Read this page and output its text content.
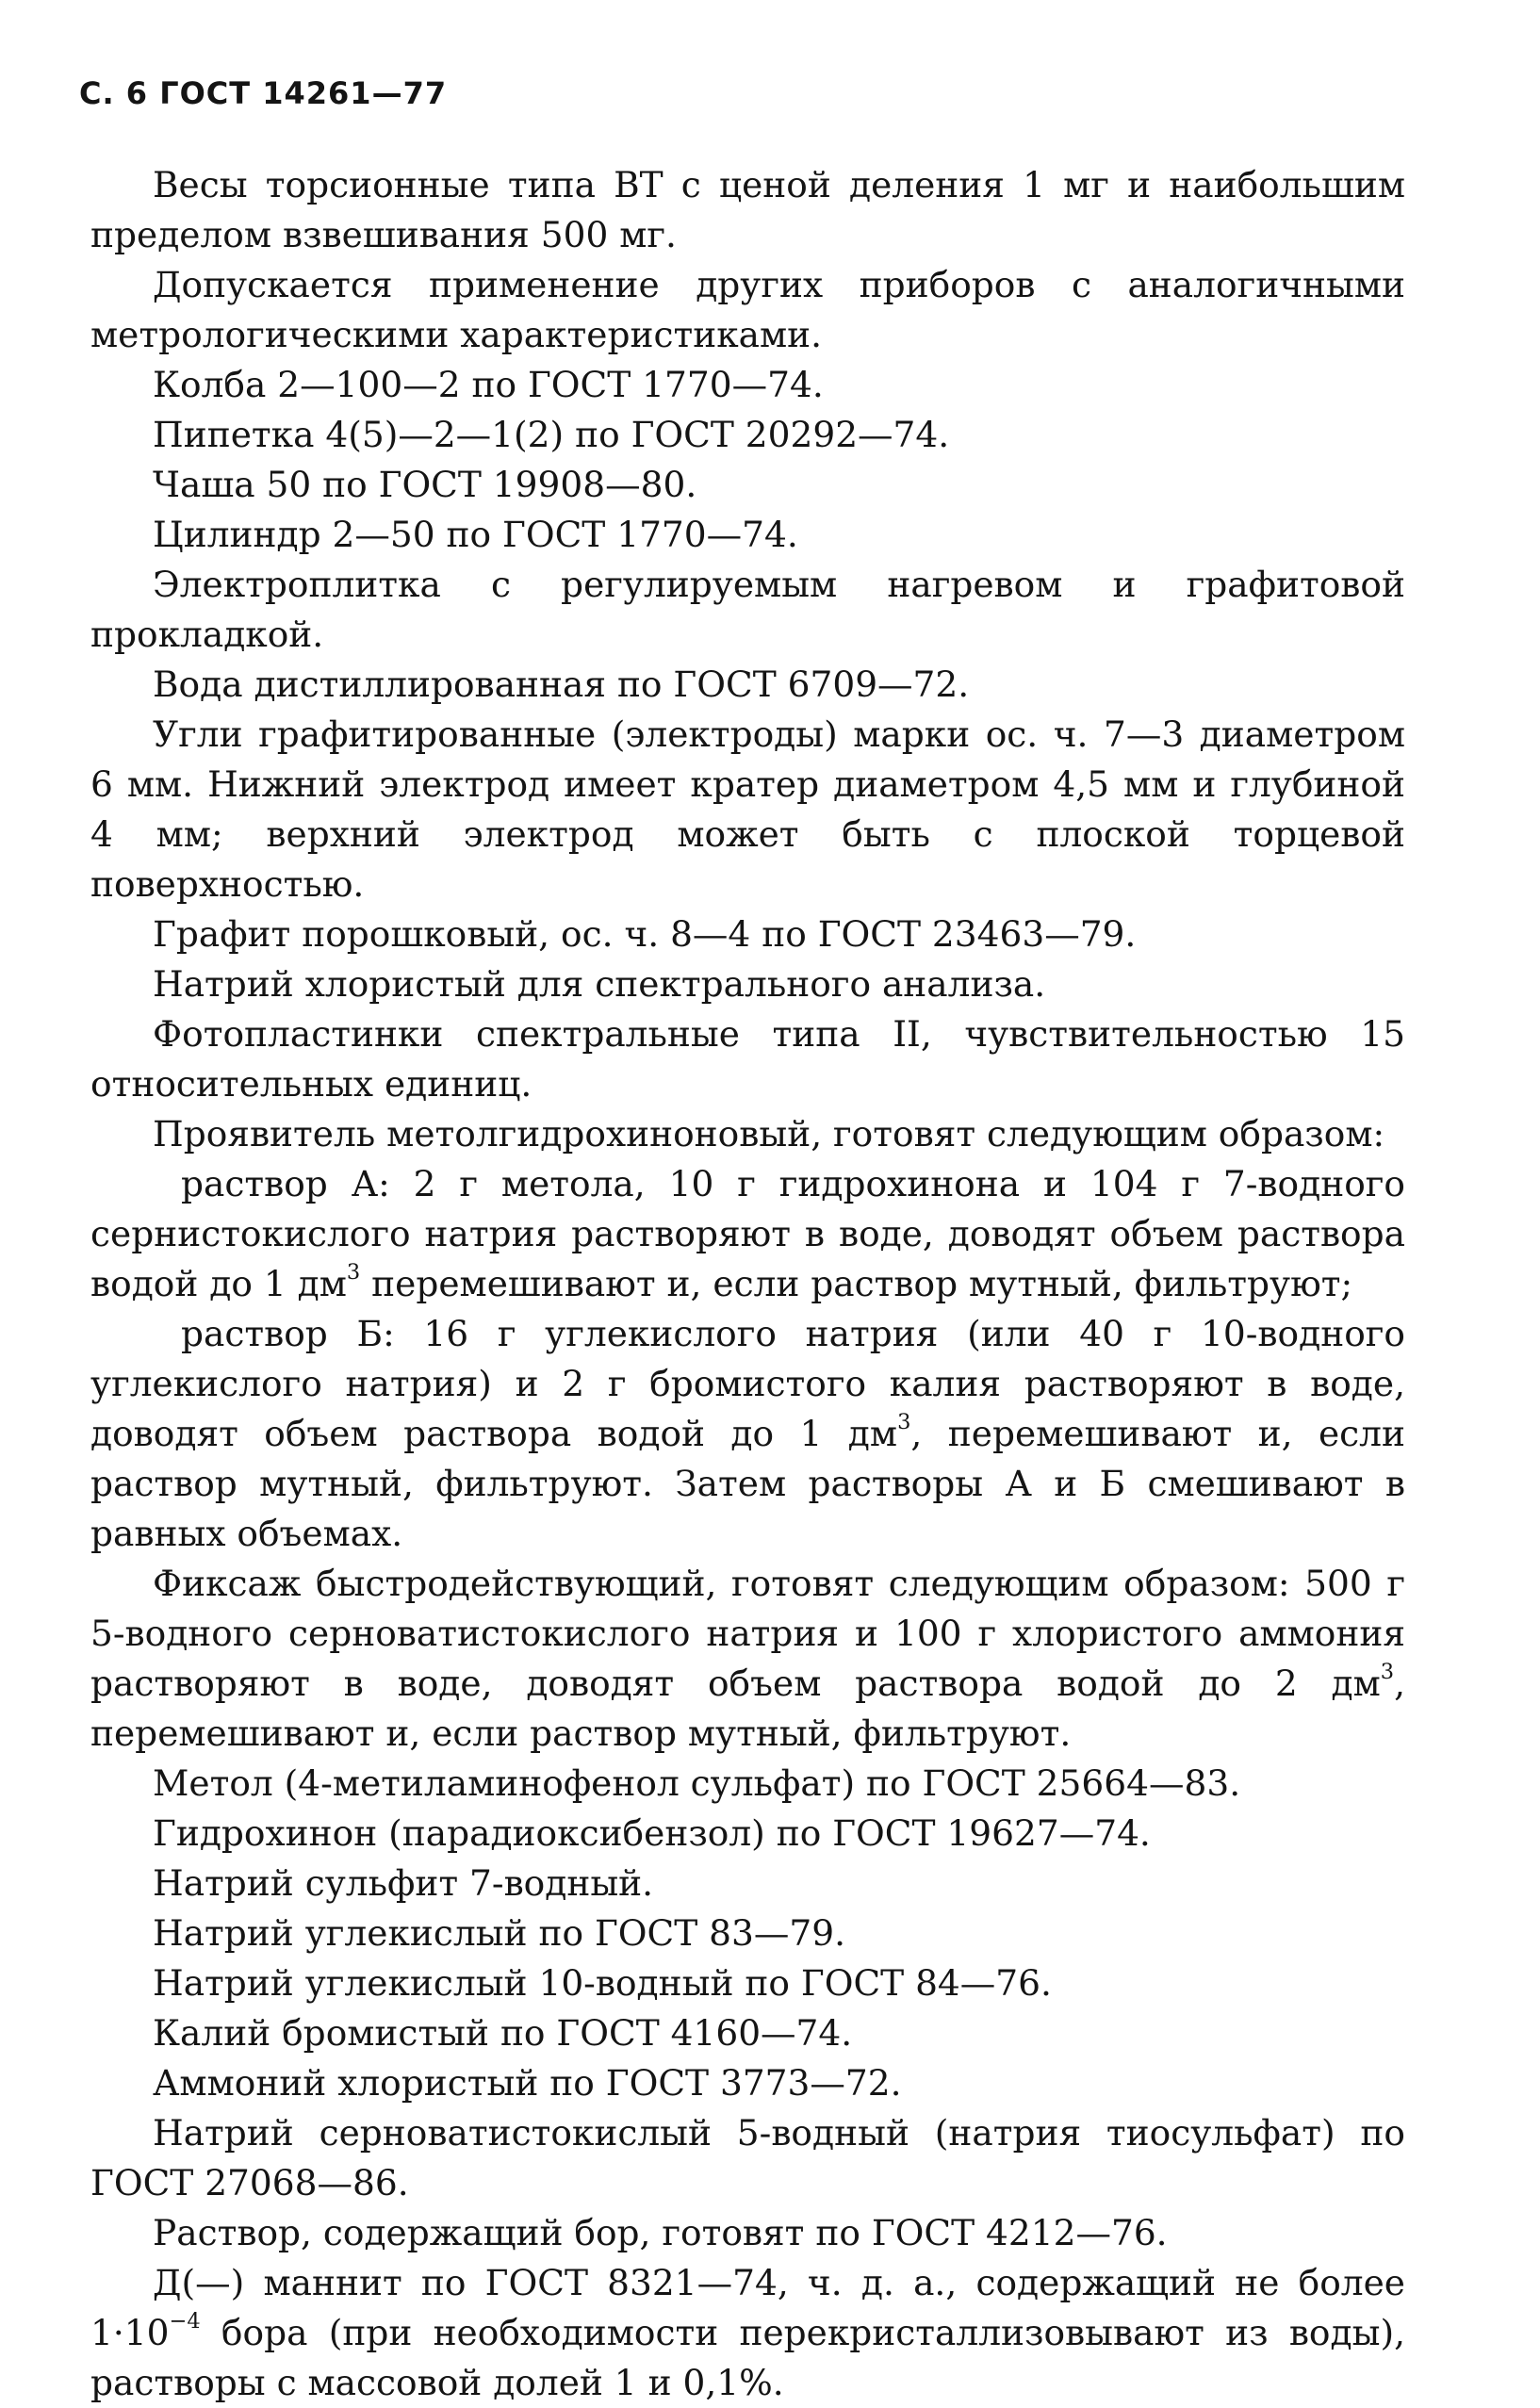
С. 6 ГОСТ 14261—77

Весы торсионные типа ВТ с ценой деления 1 мг и наибольшим пределом взвешивания 500 мг.

Допускается применение других приборов с аналогичными метрологическими характеристиками.

Колба 2—100—2 по ГОСТ 1770—74.

Пипетка 4(5)—2—1(2) по ГОСТ 20292—74.

Чаша 50 по ГОСТ 19908—80.

Цилиндр 2—50 по ГОСТ 1770—74.

Электроплитка с регулируемым нагревом и графитовой прокладкой.

Вода дистиллированная по ГОСТ 6709—72.

Угли графитированные (электроды) марки ос. ч. 7—3 диаметром 6 мм. Нижний электрод имеет кратер диаметром 4,5 мм и глубиной 4 мм; верхний электрод может быть с плоской торцевой поверхностью.

Графит порошковый, ос. ч. 8—4 по ГОСТ 23463—79.

Натрий хлористый для спектрального анализа.

Фотопластинки спектральные типа II, чувствительностью 15 относительных единиц.

Проявитель метолгидрохиноновый, готовят следующим образом:

раствор А: 2 г метола, 10 г гидрохинона и 104 г 7-водного сернистокислого натрия растворяют в воде, доводят объем раствора водой до 1 $дм^3$ перемешивают и, если раствор мутный, фильтруют;

раствор Б: 16 г углекислого натрия (или 40 г 10-водного углекислого натрия) и 2 г бромистого калия растворяют в воде, доводят объем раствора водой до 1 $дм^3$, перемешивают и, если раствор мутный, фильтруют. Затем растворы А и Б смешивают в равных объемах.

Фиксаж быстродействующий, готовят следующим образом: 500 г 5-водного серноватистокислого натрия и 100 г хлористого аммония растворяют в воде, доводят объем раствора водой до 2 $дм^3$, перемешивают и, если раствор мутный, фильтруют.

Метол (4-метиламинофенол сульфат) по ГОСТ 25664—83.

Гидрохинон (парадиоксибензол) по ГОСТ 19627—74.

Натрий сульфит 7-водный.

Натрий углекислый по ГОСТ 83—79.

Натрий углекислый 10-водный по ГОСТ 84—76.

Калий бромистый по ГОСТ 4160—74.

Аммоний хлористый по ГОСТ 3773—72.

Натрий серноватистокислый 5-водный (натрия тиосульфат) по ГОСТ 27068—86.

Раствор, содержащий бор, готовят по ГОСТ 4212—76.

Д(—) маннит по ГОСТ 8321—74, ч. д. а., содержащий не более $1\cdot 10^{-4}$ бора (при необходимости перекристаллизовывают из воды), растворы с массовой долей 1 и 0,1%.
